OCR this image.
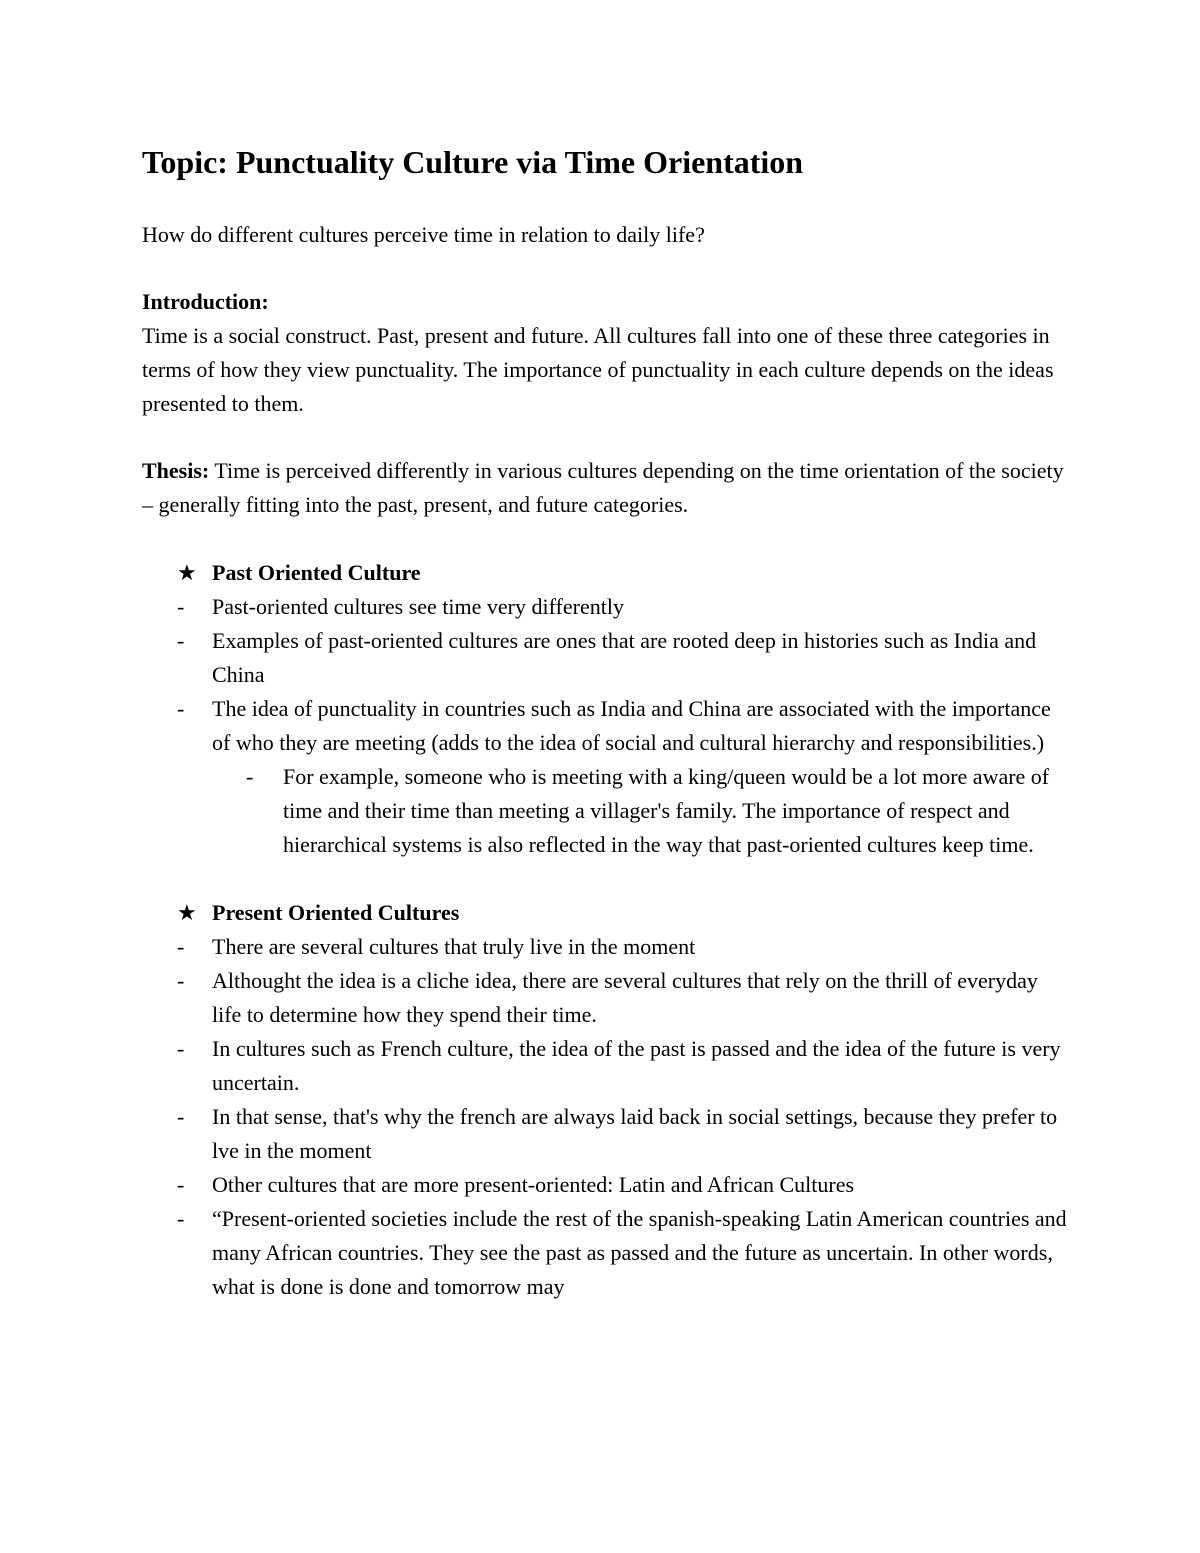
Topic: Punctuality Culture via Time Orientation

How do different cultures perceive time in relation to daily life?

Introduction:

Time is a social construct. Past, present and future. All cultures fall into one of these three categories in terms of how they view punctuality. The importance of punctuality in each culture depends on the ideas presented to them.

Thesis: Time is perceived differently in various cultures depending on the time orientation of the society – generally fitting into the past, present, and future categories.

★ Past Oriented Culture
- Past-oriented cultures see time very differently
- Examples of past-oriented cultures are ones that are rooted deep in histories such as India and China
- The idea of punctuality in countries such as India and China are associated with the importance of who they are meeting (adds to the idea of social and cultural hierarchy and responsibilities.)
- For example, someone who is meeting with a king/queen would be a lot more aware of time and their time than meeting a villager's family. The importance of respect and hierarchical systems is also reflected in the way that past-oriented cultures keep time.
★ Present Oriented Cultures
- There are several cultures that truly live in the moment
- Althought the idea is a cliche idea, there are several cultures that rely on the thrill of everyday life to determine how they spend their time.
- In cultures such as French culture, the idea of the past is passed and the idea of the future is very uncertain.
- In that sense, that's why the french are always laid back in social settings, because they prefer to lve in the moment
- Other cultures that are more present-oriented: Latin and African Cultures
- “Present-oriented societies include the rest of the spanish-speaking Latin American countries and many African countries. They see the past as passed and the future as uncertain. In other words, what is done is done and tomorrow may
